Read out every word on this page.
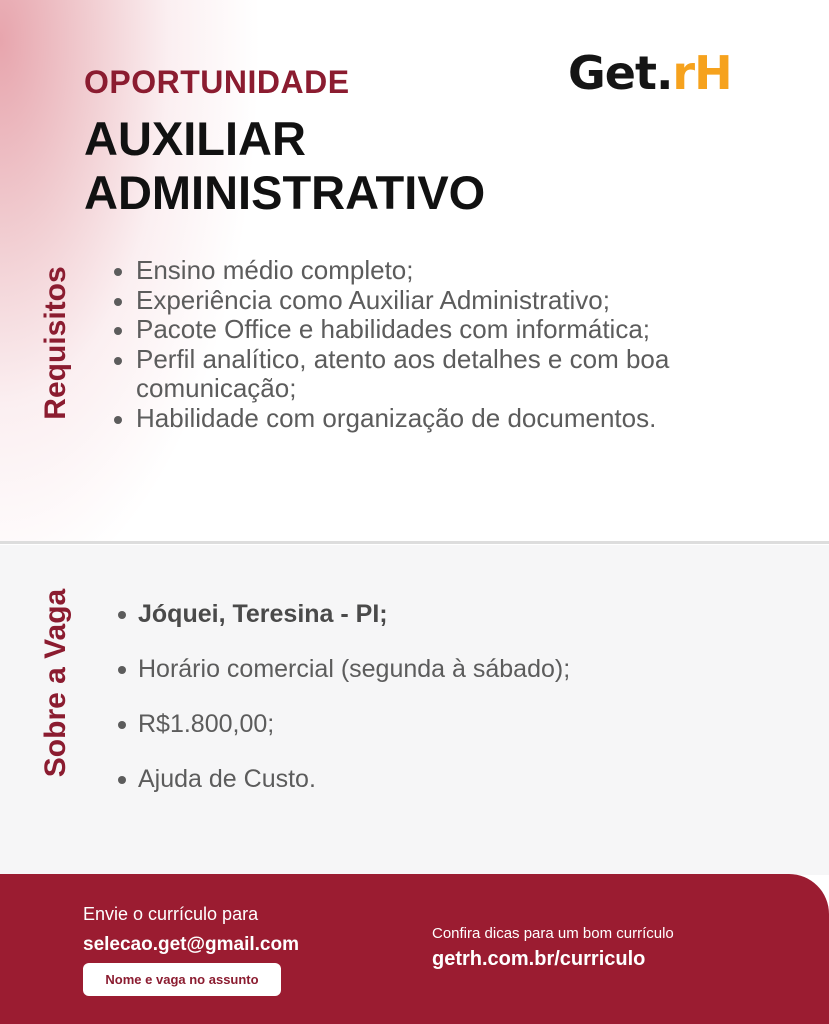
OPORTUNIDADE
AUXILIAR
ADMINISTRATIVO
Get.rH
Requisitos	Ensino médio completo;
Experiência como Auxiliar Administrativo;
Pacote Office e habilidades com informática;
Perfil analítico, atento aos detalhes e com boa comunicação;
Habilidade com organização de documentos.
Sobre a Vaga	Jóquei, Teresina - PI;
Horário comercial (segunda à sábado);
R$1.800,00;
Ajuda de Custo.
Envie o currículo para
selecao.get@gmail.com
Nome e vaga no assunto
Confira dicas para um bom currículo
getrh.com.br/curriculo
